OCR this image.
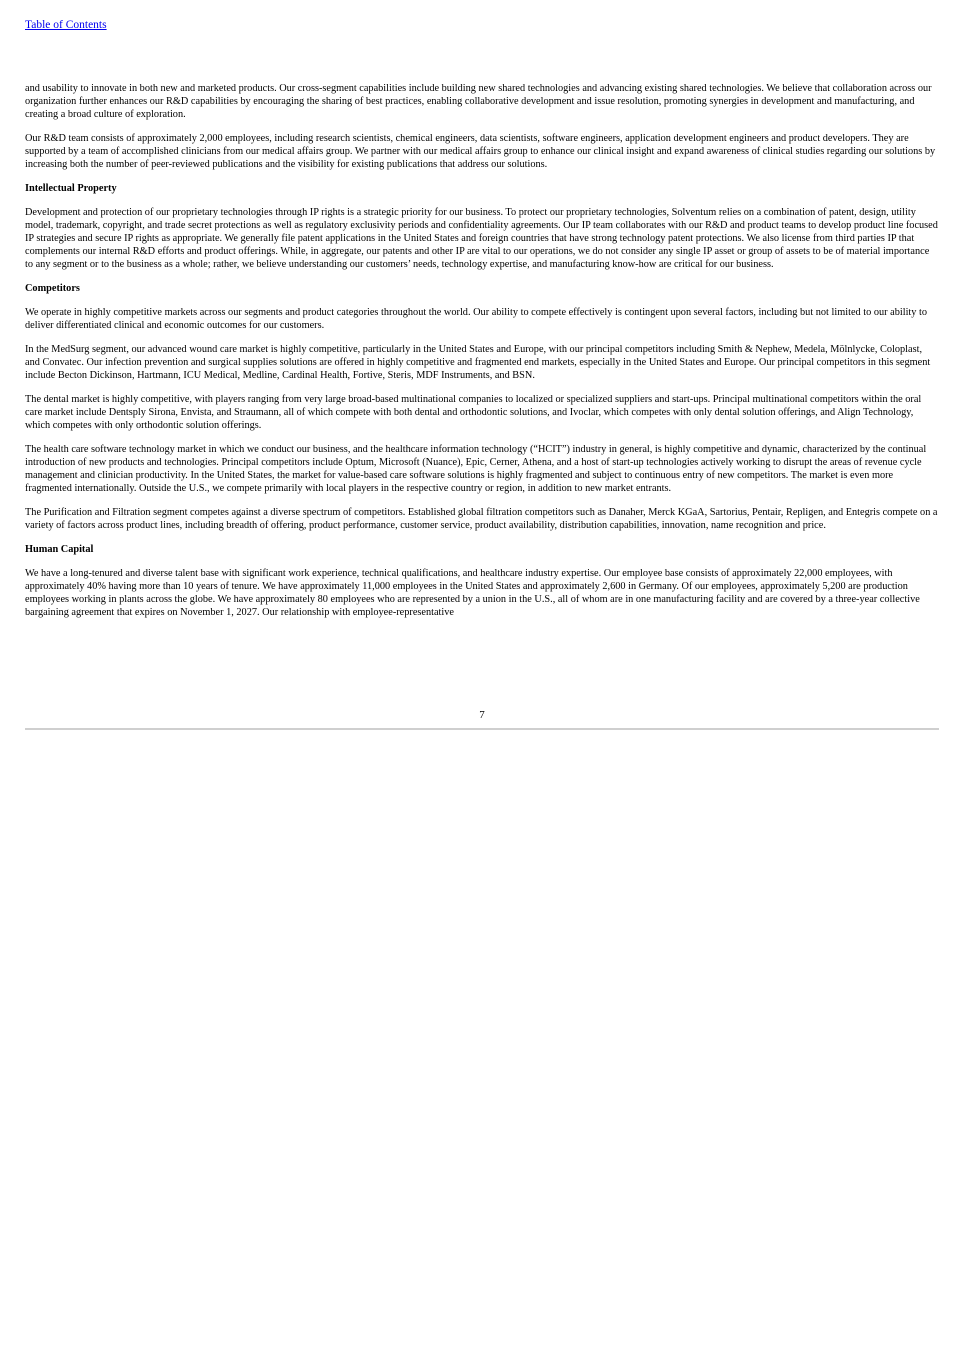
Table of Contents

and usability to innovate in both new and marketed products. Our cross-segment capabilities include building new shared technologies and advancing existing shared technologies. We believe that collaboration across our organization further enhances our R&D capabilities by encouraging the sharing of best practices, enabling collaborative development and issue resolution, promoting synergies in development and manufacturing, and creating a broad culture of exploration.

Our R&D team consists of approximately 2,000 employees, including research scientists, chemical engineers, data scientists, software engineers, application development engineers and product developers. They are supported by a team of accomplished clinicians from our medical affairs group. We partner with our medical affairs group to enhance our clinical insight and expand awareness of clinical studies regarding our solutions by increasing both the number of peer-reviewed publications and the visibility for existing publications that address our solutions.

Intellectual Property

Development and protection of our proprietary technologies through IP rights is a strategic priority for our business. To protect our proprietary technologies, Solventum relies on a combination of patent, design, utility model, trademark, copyright, and trade secret protections as well as regulatory exclusivity periods and confidentiality agreements. Our IP team collaborates with our R&D and product teams to develop product line focused IP strategies and secure IP rights as appropriate. We generally file patent applications in the United States and foreign countries that have strong technology patent protections. We also license from third parties IP that complements our internal R&D efforts and product offerings. While, in aggregate, our patents and other IP are vital to our operations, we do not consider any single IP asset or group of assets to be of material importance to any segment or to the business as a whole; rather, we believe understanding our customers’ needs, technology expertise, and manufacturing know-how are critical for our business.

Competitors

We operate in highly competitive markets across our segments and product categories throughout the world. Our ability to compete effectively is contingent upon several factors, including but not limited to our ability to deliver differentiated clinical and economic outcomes for our customers.

In the MedSurg segment, our advanced wound care market is highly competitive, particularly in the United States and Europe, with our principal competitors including Smith & Nephew, Medela, Mölnlycke, Coloplast, and Convatec. Our infection prevention and surgical supplies solutions are offered in highly competitive and fragmented end markets, especially in the United States and Europe. Our principal competitors in this segment include Becton Dickinson, Hartmann, ICU Medical, Medline, Cardinal Health, Fortive, Steris, MDF Instruments, and BSN.

The dental market is highly competitive, with players ranging from very large broad-based multinational companies to localized or specialized suppliers and start-ups. Principal multinational competitors within the oral care market include Dentsply Sirona, Envista, and Straumann, all of which compete with both dental and orthodontic solutions, and Ivoclar, which competes with only dental solution offerings, and Align Technology, which competes with only orthodontic solution offerings.

The health care software technology market in which we conduct our business, and the healthcare information technology (“HCIT”) industry in general, is highly competitive and dynamic, characterized by the continual introduction of new products and technologies. Principal competitors include Optum, Microsoft (Nuance), Epic, Cerner, Athena, and a host of start-up technologies actively working to disrupt the areas of revenue cycle management and clinician productivity. In the United States, the market for value-based care software solutions is highly fragmented and subject to continuous entry of new competitors. The market is even more fragmented internationally. Outside the U.S., we compete primarily with local players in the respective country or region, in addition to new market entrants.

The Purification and Filtration segment competes against a diverse spectrum of competitors. Established global filtration competitors such as Danaher, Merck KGaA, Sartorius, Pentair, Repligen, and Entegris compete on a variety of factors across product lines, including breadth of offering, product performance, customer service, product availability, distribution capabilities, innovation, name recognition and price.

Human Capital

We have a long-tenured and diverse talent base with significant work experience, technical qualifications, and healthcare industry expertise. Our employee base consists of approximately 22,000 employees, with approximately 40% having more than 10 years of tenure. We have approximately 11,000 employees in the United States and approximately 2,600 in Germany. Of our employees, approximately 5,200 are production employees working in plants across the globe. We have approximately 80 employees who are represented by a union in the U.S., all of whom are in one manufacturing facility and are covered by a three-year collective bargaining agreement that expires on November 1, 2027. Our relationship with employee-representative

7
